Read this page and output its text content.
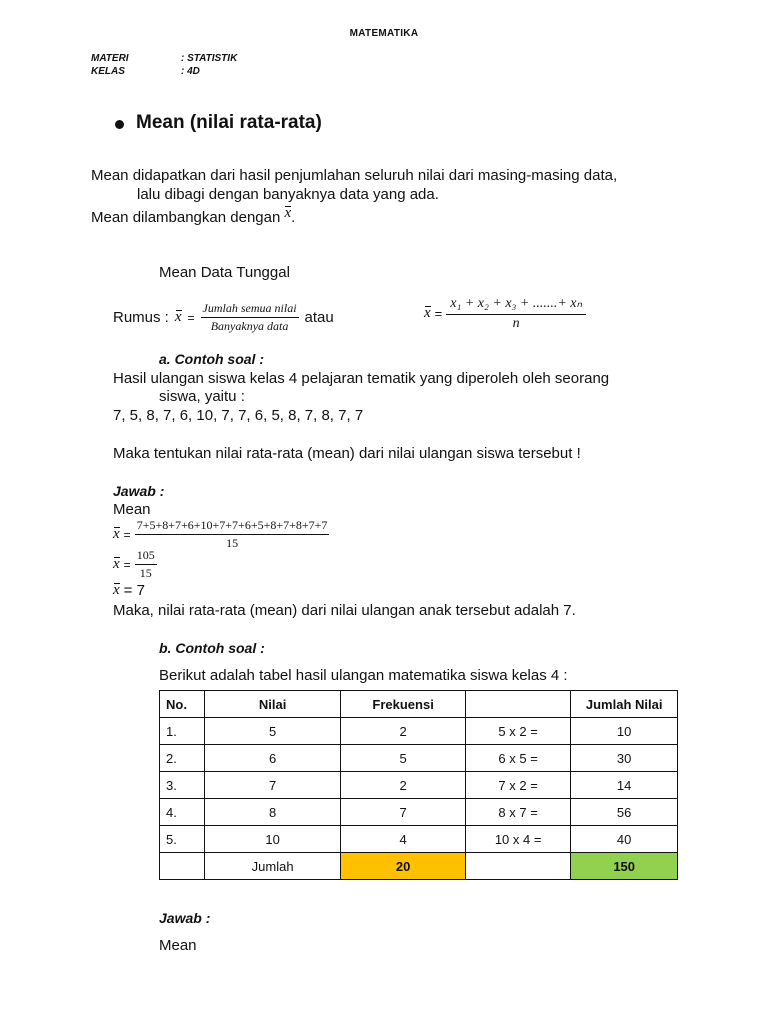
MATEMATIKA
MATERI	: STATISTIK
KELAS	: 4D
Mean (nilai rata-rata)
Mean didapatkan dari hasil penjumlahan seluruh nilai dari masing-masing data,
lalu dibagi dengan banyaknya data yang ada.
Mean dilambangkan dengan x.
Mean Data Tunggal
Rumus : $x = \frac{\text{Jumlah semua nilai}}{\text{Banyaknya data}}$ atau	$x = \frac{\text{x₁ + x₂ + x₃ + .......+ xₙ}}{n}$
a. Contoh soal :
Hasil ulangan siswa kelas 4 pelajaran tematik yang diperoleh oleh seorang
siswa, yaitu :
7, 5, 8, 7, 6, 10, 7, 7, 6, 5, 8, 7, 8, 7, 7
Maka tentukan nilai rata-rata (mean) dari nilai ulangan siswa tersebut !
Jawab :
Mean
$x = \frac{7+5+8+7+6+10+7+7+6+5+8+7+8+7+7}{15}$
$x = \frac{105}{15}$
x = 7
Maka, nilai rata-rata (mean) dari nilai ulangan anak tersebut adalah 7.
b. Contoh soal :
Berikut adalah tabel hasil ulangan matematika siswa kelas 4 :
No.	Nilai	Frekuensi		Jumlah Nilai
1.	5	2	5 x 2 =	10
2.	6	5	6 x 5 =	30
3.	7	2	7 x 2 =	14
4.	8	7	8 x 7 =	56
5.	10	4	10 x 4 =	40
	Jumlah	20		150
Jawab :
Mean
